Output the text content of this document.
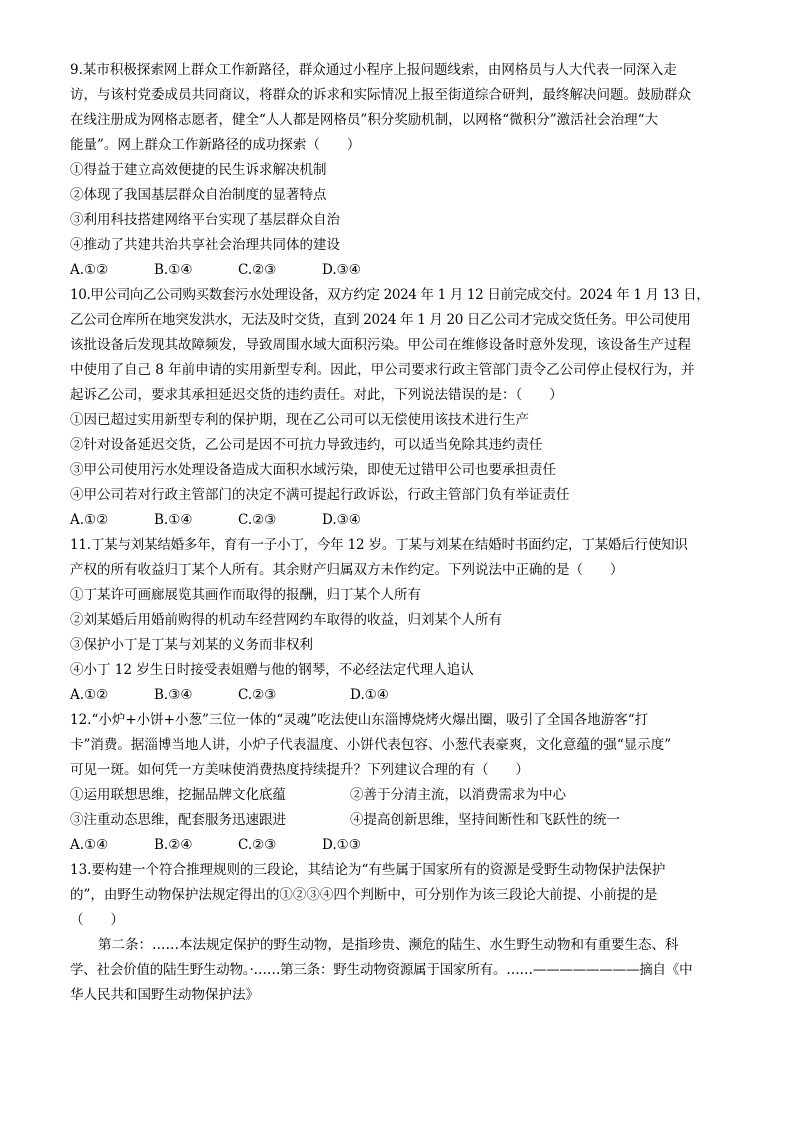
9.某市积极探索网上群众工作新路径，群众通过小程序上报问题线索，由网格员与人大代表一同深入走
访，与该村党委成员共同商议，将群众的诉求和实际情况上报至街道综合研判，最终解决问题。鼓励群众
在线注册成为网格志愿者，健全“人人都是网格员”积分奖励机制，以网格“微积分”激活社会治理“大
能量”。网上群众工作新路径的成功探索（　　）
①得益于建立高效便捷的民生诉求解决机制
②体现了我国基层群众自治制度的显著特点
③利用科技搭建网络平台实现了基层群众自治
④推动了共建共治共享社会治理共同体的建设
A.①②	B.①④	C.②③	D.③④
10.甲公司向乙公司购买数套污水处理设备，双方约定 2024 年 1 月 12 日前完成交付。2024 年 1 月 13 日，
乙公司仓库所在地突发洪水，无法及时交货，直到 2024 年 1 月 20 日乙公司才完成交货任务。甲公司使用
该批设备后发现其故障频发，导致周围水域大面积污染。甲公司在维修设备时意外发现，该设备生产过程
中使用了自己 8 年前申请的实用新型专利。因此，甲公司要求行政主管部门责令乙公司停止侵权行为，并
起诉乙公司，要求其承担延迟交货的违约责任。对此，下列说法错误的是：（　　）
①因已超过实用新型专利的保护期，现在乙公司可以无偿使用该技术进行生产
②针对设备延迟交货，乙公司是因不可抗力导致违约，可以适当免除其违约责任
③甲公司使用污水处理设备造成大面积水域污染，即使无过错甲公司也要承担责任
④甲公司若对行政主管部门的决定不满可提起行政诉讼，行政主管部门负有举证责任
A.①②	B.①④	C.②③	D.③④
11.丁某与刘某结婚多年，育有一子小丁，今年 12 岁。丁某与刘某在结婚时书面约定，丁某婚后行使知识
产权的所有收益归丁某个人所有。其余财产归属双方未作约定。下列说法中正确的是（　　）
①丁某许可画廊展览其画作而取得的报酬，归丁某个人所有
②刘某婚后用婚前购得的机动车经营网约车取得的收益，归刘某个人所有
③保护小丁是丁某与刘某的义务而非权利
④小丁 12 岁生日时接受表姐赠与他的钢琴，不必经法定代理人追认
A.①②	B.③④	C.②③	D.①④
12.“小炉+小饼+小葱”三位一体的“灵魂”吃法使山东淄博烧烤火爆出圈，吸引了全国各地游客“打
卡”消费。据淄博当地人讲，小炉子代表温度、小饼代表包容、小葱代表豪爽，文化意蕴的强“显示度”
可见一斑。如何凭一方美味使消费热度持续提升？下列建议合理的有（　　）
①运用联想思维，挖掘品牌文化底蕴	②善于分清主流，以消费需求为中心
③注重动态思维，配套服务迅速跟进	④提高创新思维，坚持间断性和飞跃性的统一
A.①④	B.②④	C.②③	D.①③
13.要构建一个符合推理规则的三段论，其结论为“有些属于国家所有的资源是受野生动物保护法保护
的”，由野生动物保护法规定得出的①②③④四个判断中，可分别作为该三段论大前提、小前提的是
（　　）
第二条：……本法规定保护的野生动物，是指珍贵、濒危的陆生、水生野生动物和有重要生态、科
学、社会价值的陆生野生动物。·……第三条：野生动物资源属于国家所有。……————————摘自《中
华人民共和国野生动物保护法》
